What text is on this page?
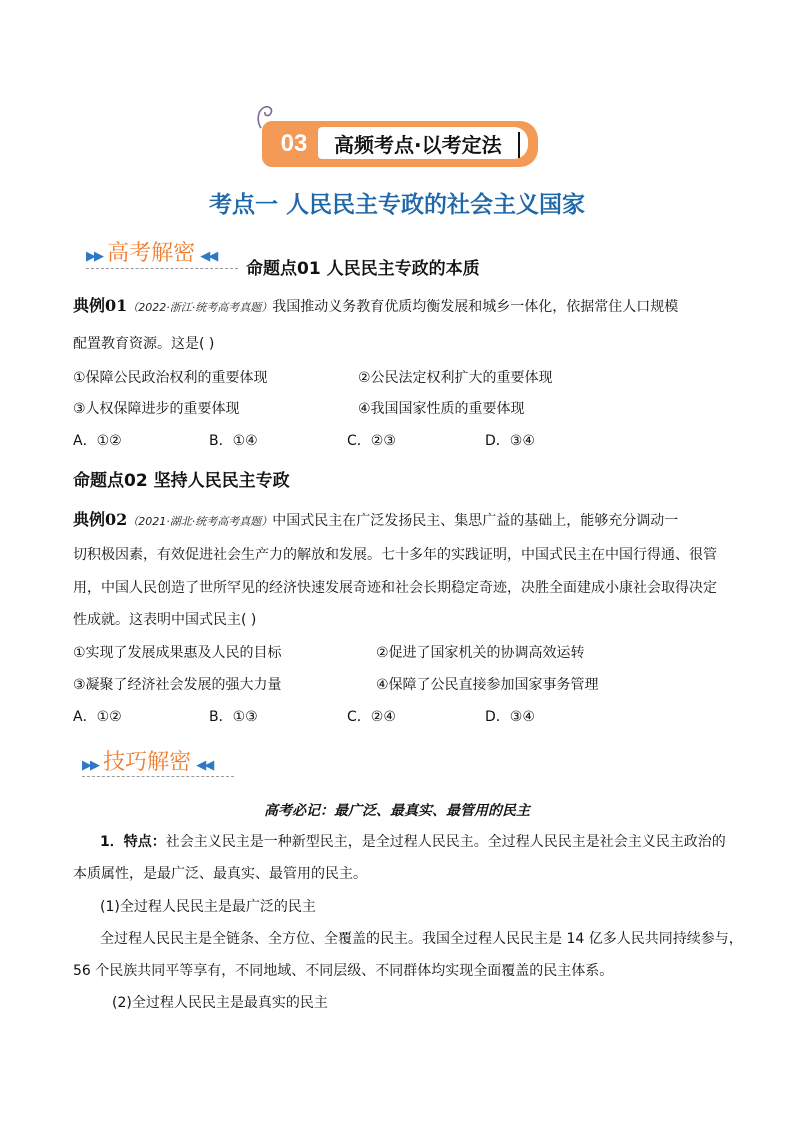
03	高频考点·以考定法
考点一 人民民主专政的社会主义国家
▶▶ 高考解密 ◀◀
命题点01 人民民主专政的本质
典例01（2022·浙江·统考高考真题）我国推动义务教育优质均衡发展和城乡一体化，依据常住人口规模
配置教育资源。这是( )
①保障公民政治权利的重要体现	②公民法定权利扩大的重要体现
③人权保障进步的重要体现	④我国国家性质的重要体现
A．①②	B．①④	C．②③	D．③④
命题点02 坚持人民民主专政
典例02（2021·湖北·统考高考真题）中国式民主在广泛发扬民主、集思广益的基础上，能够充分调动一
切积极因素，有效促进社会生产力的解放和发展。七十多年的实践证明，中国式民主在中国行得通、很管
用，中国人民创造了世所罕见的经济快速发展奇迹和社会长期稳定奇迹，决胜全面建成小康社会取得决定
性成就。这表明中国式民主( )
①实现了发展成果惠及人民的目标	②促进了国家机关的协调高效运转
③凝聚了经济社会发展的强大力量	④保障了公民直接参加国家事务管理
A．①②	B．①③	C．②④	D．③④
▶▶ 技巧解密 ◀◀
高考必记：最广泛、最真实、最管用的民主
1．特点：社会主义民主是一种新型民主，是全过程人民民主。全过程人民民主是社会主义民主政治的
本质属性，是最广泛、最真实、最管用的民主。
(1)全过程人民民主是最广泛的民主
全过程人民民主是全链条、全方位、全覆盖的民主。我国全过程人民民主是 14 亿多人民共同持续参与，
56 个民族共同平等享有，不同地域、不同层级、不同群体均实现全面覆盖的民主体系。
(2)全过程人民民主是最真实的民主
